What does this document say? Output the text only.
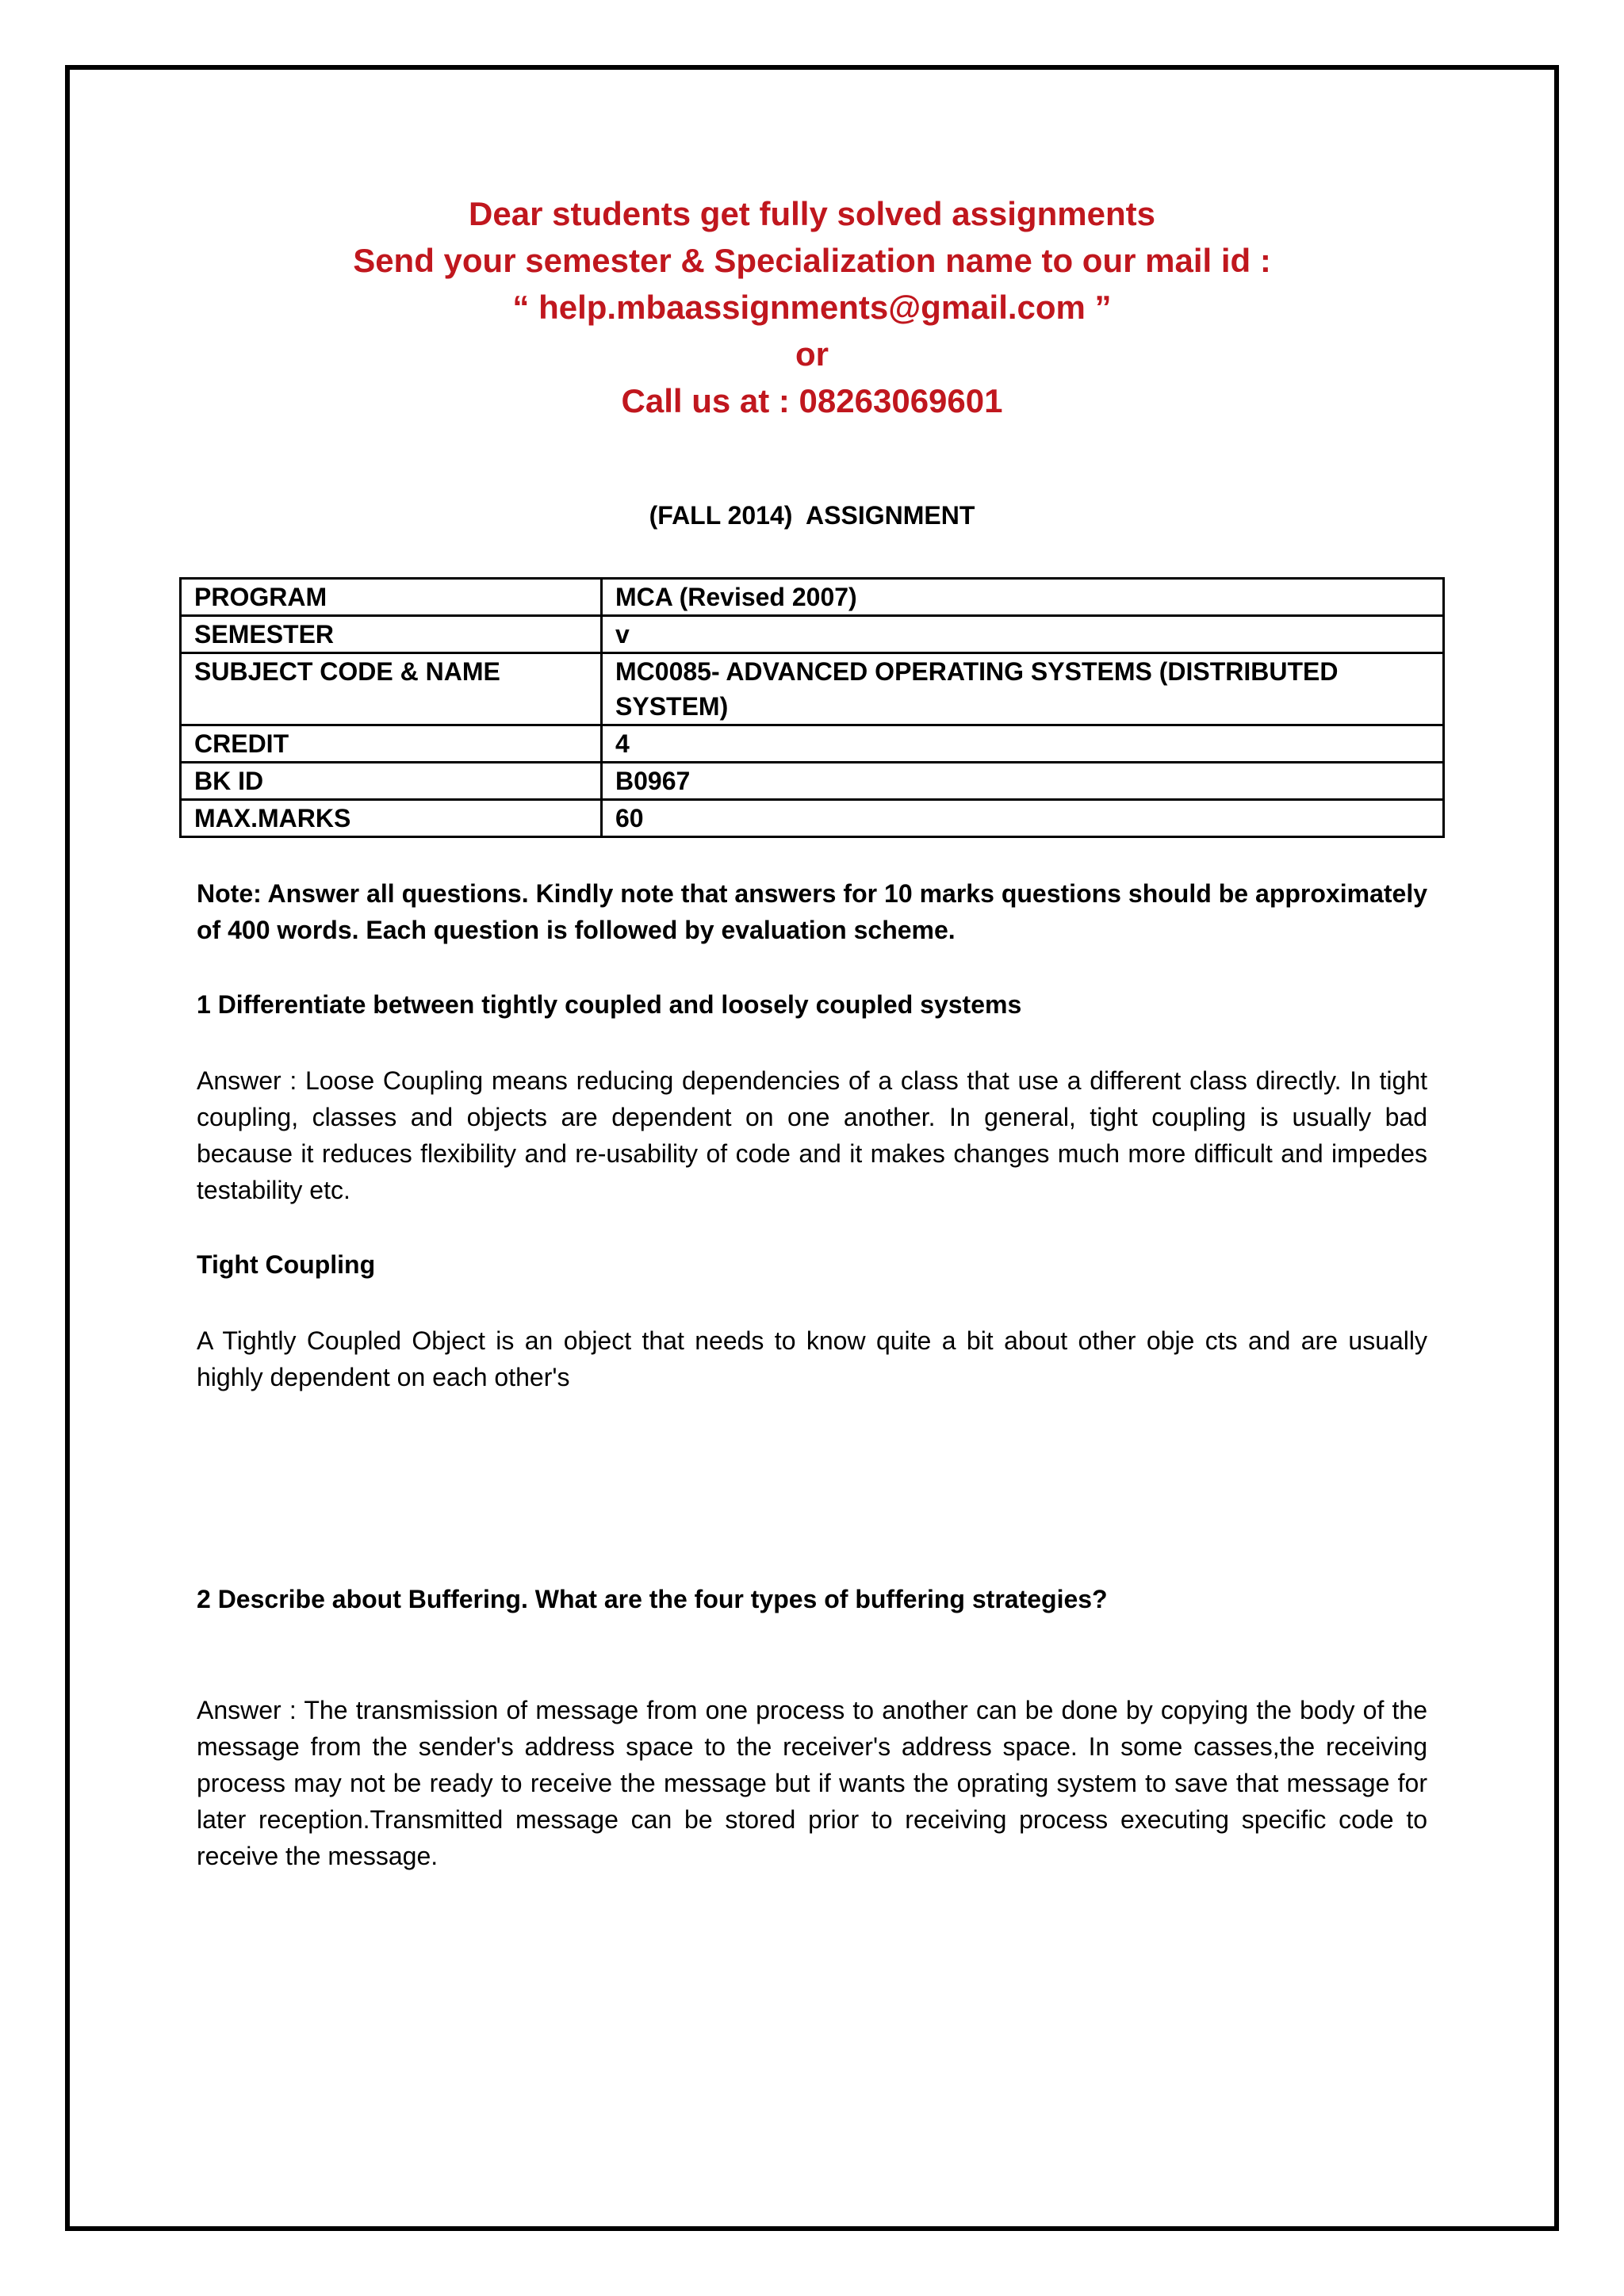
Dear students get fully solved assignments
Send your semester & Specialization name to our mail id :
“ help.mbaassignments@gmail.com ”
or
Call us at : 08263069601
(FALL 2014)  ASSIGNMENT
PROGRAM	MCA (Revised 2007)
SEMESTER	v
SUBJECT CODE & NAME	MC0085- ADVANCED OPERATING SYSTEMS (DISTRIBUTED SYSTEM)
CREDIT	4
BK ID	B0967
MAX.MARKS	60
Note: Answer all questions. Kindly note that answers for 10 marks questions should be approximately of 400 words. Each question is followed by evaluation scheme.
1 Differentiate between tightly coupled and loosely coupled systems
Answer : Loose Coupling means reducing dependencies of a class that use a different class directly. In tight coupling, classes and objects are dependent on one another. In general, tight coupling is usually bad because it reduces flexibility and re-usability of code and it makes changes much more difficult and impedes testability etc.
Tight Coupling
A Tightly Coupled Object is an object that needs to know quite a bit about other obje cts and are usually highly dependent on each other's
2 Describe about Buffering. What are the four types of buffering strategies?
Answer : The transmission of message from one process to another can be done by copying the body of the message from the sender's address space to the receiver's address space. In some casses,the receiving process may not be ready to receive the message but if wants the oprating system to save that message for later reception.Transmitted message can be stored prior to receiving process executing specific code to receive the message.
